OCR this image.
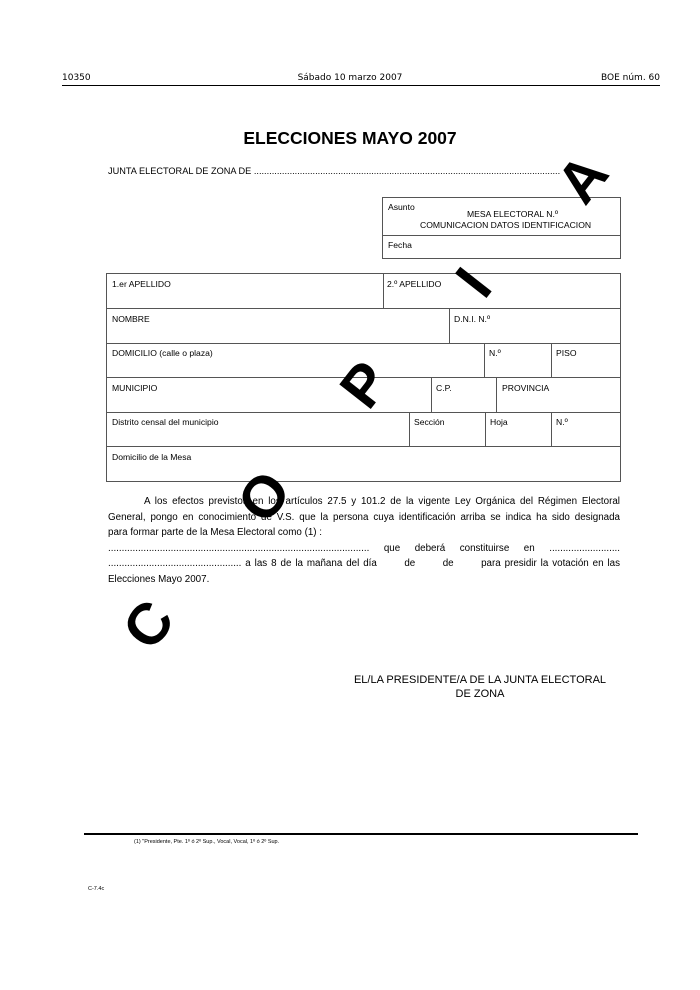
10350	Sábado 10 marzo 2007	BOE núm. 60
ELECCIONES MAYO 2007
JUNTA ELECTORAL DE ZONA DE ........................................................................................................................
Asunto
MESA ELECTORAL N.º
COMUNICACION DATOS IDENTIFICACION
Fecha
1.er APELLIDO	2.º APELLIDO
NOMBRE	D.N.I. N.º
DOMICILIO (calle o plaza)	N.º	PISO
MUNICIPIO	C.P.	PROVINCIA
Distrito censal del municipio	Sección	Hoja	N.º
Domicilio de la Mesa
A los efectos previstos en los artículos 27.5 y 101.2 de la vigente Ley Orgánica del Régimen Electoral
General, pongo en conocimiento de V.S. que la persona cuya identificación arriba se indica ha sido designada
para formar parte de la Mesa Electoral como (1) :
................................................................................................ que deberá constituirse en ..........................
................................................. a las 8 de la mañana del día       de       de       para presidir la votación en las
Elecciones Mayo 2007.
EL/LA PRESIDENTE/A DE LA JUNTA ELECTORAL
DE ZONA
(1) "Presidente, Pte. 1º ó 2º Sup., Vocal, Vocal, 1º ó 2º Sup.
C-7.4c
C
O
P
I
A
